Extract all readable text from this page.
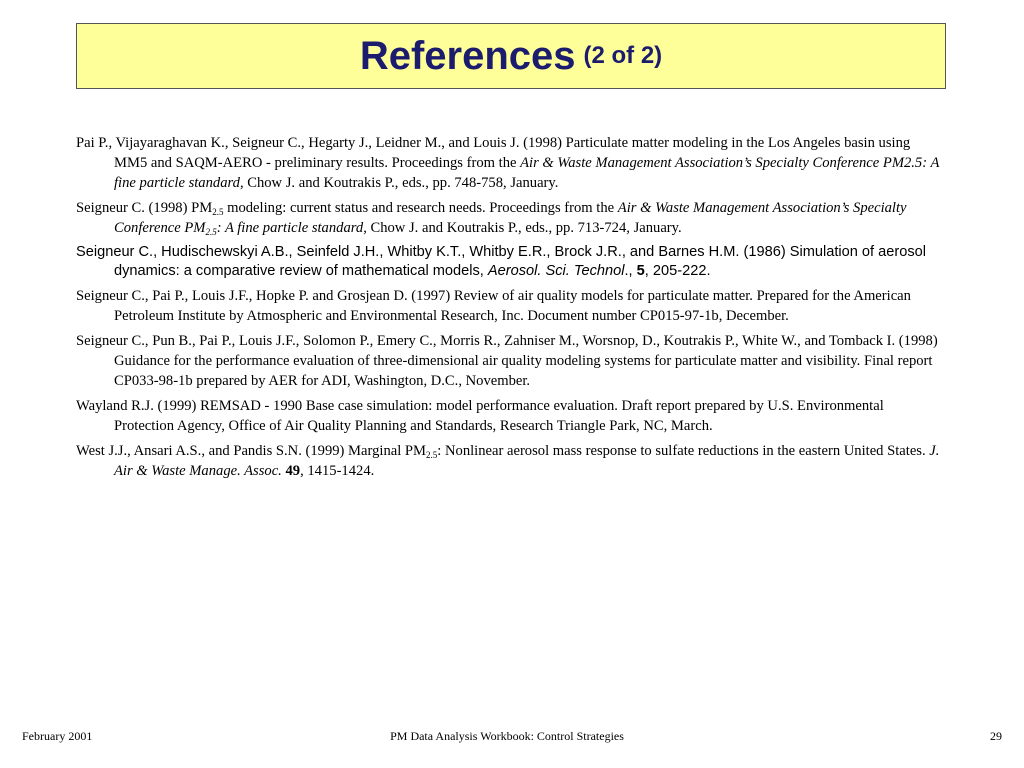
References (2 of 2)

Pai P., Vijayaraghavan K., Seigneur C., Hegarty J., Leidner M., and Louis J. (1998) Particulate matter modeling in the Los Angeles basin using MM5 and SAQM-AERO - preliminary results. Proceedings from the Air & Waste Management Association’s Specialty Conference PM2.5: A fine particle standard, Chow J. and Koutrakis P., eds., pp. 748-758, January.

Seigneur C. (1998) $PM_{2.5}$ modeling: current status and research needs. Proceedings from the Air & Waste Management Association’s Specialty Conference $PM_{2.5}$: A fine particle standard, Chow J. and Koutrakis P., eds., pp. 713-724, January.

Seigneur C., Hudischewskyi A.B., Seinfeld J.H., Whitby K.T., Whitby E.R., Brock J.R., and Barnes H.M. (1986) Simulation of aerosol dynamics: a comparative review of mathematical models, Aerosol. Sci. Technol., 5, 205-222.

Seigneur C., Pai P., Louis J.F., Hopke P. and Grosjean D. (1997) Review of air quality models for particulate matter. Prepared for the American Petroleum Institute by Atmospheric and Environmental Research, Inc. Document number CP015-97-1b, December.

Seigneur C., Pun B., Pai P., Louis J.F., Solomon P., Emery C., Morris R., Zahniser M., Worsnop, D., Koutrakis P., White W., and Tomback I. (1998) Guidance for the performance evaluation of three-dimensional air quality modeling systems for particulate matter and visibility. Final report CP033-98-1b prepared by AER for ADI, Washington, D.C., November.

Wayland R.J. (1999) REMSAD - 1990 Base case simulation: model performance evaluation. Draft report prepared by U.S. Environmental Protection Agency, Office of Air Quality Planning and Standards, Research Triangle Park, NC, March.

West J.J., Ansari A.S., and Pandis S.N. (1999) Marginal $PM_{2.5}$: Nonlinear aerosol mass response to sulfate reductions in the eastern United States. J. Air & Waste Manage. Assoc. 49, 1415-1424.

February 2001	PM Data Analysis Workbook: Control Strategies	29
